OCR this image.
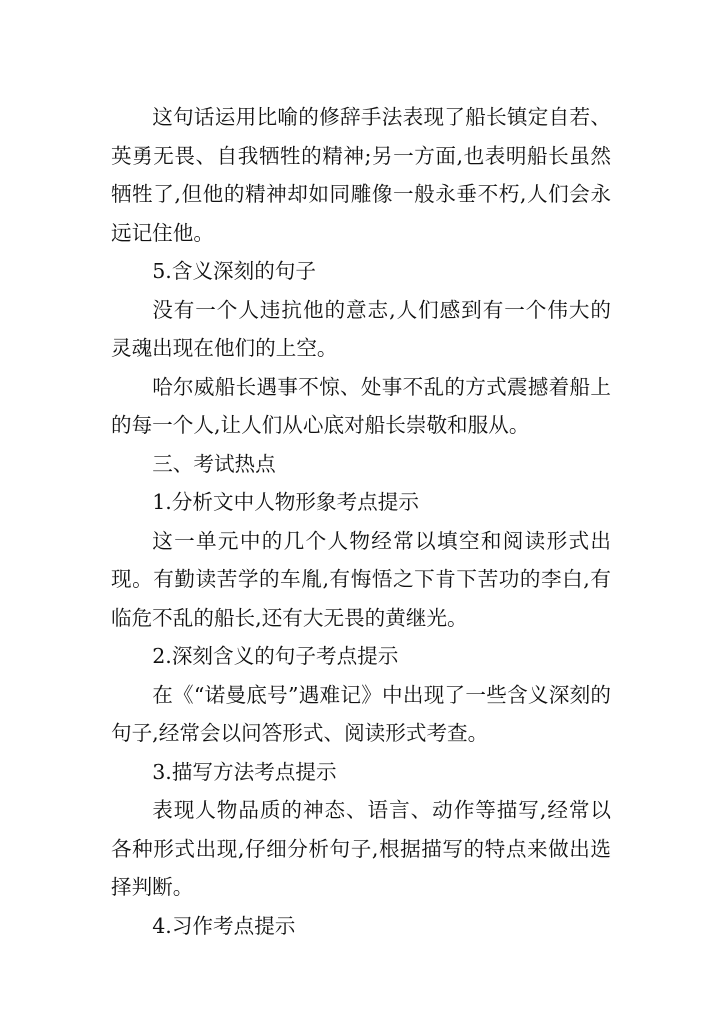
这句话运用比喻的修辞手法表现了船长镇定自若、英勇无畏、自我牺牲的精神;另一方面,也表明船长虽然牺牲了,但他的精神却如同雕像一般永垂不朽,人们会永远记住他。

5.含义深刻的句子

没有一个人违抗他的意志,人们感到有一个伟大的灵魂出现在他们的上空。

哈尔威船长遇事不惊、处事不乱的方式震撼着船上的每一个人,让人们从心底对船长崇敬和服从。

三、考试热点

1.分析文中人物形象考点提示

这一单元中的几个人物经常以填空和阅读形式出现。有勤读苦学的车胤,有悔悟之下肯下苦功的李白,有临危不乱的船长,还有大无畏的黄继光。

2.深刻含义的句子考点提示

在《“诺曼底号”遇难记》中出现了一些含义深刻的句子,经常会以问答形式、阅读形式考查。

3.描写方法考点提示

表现人物品质的神态、语言、动作等描写,经常以各种形式出现,仔细分析句子,根据描写的特点来做出选择判断。

4.习作考点提示
